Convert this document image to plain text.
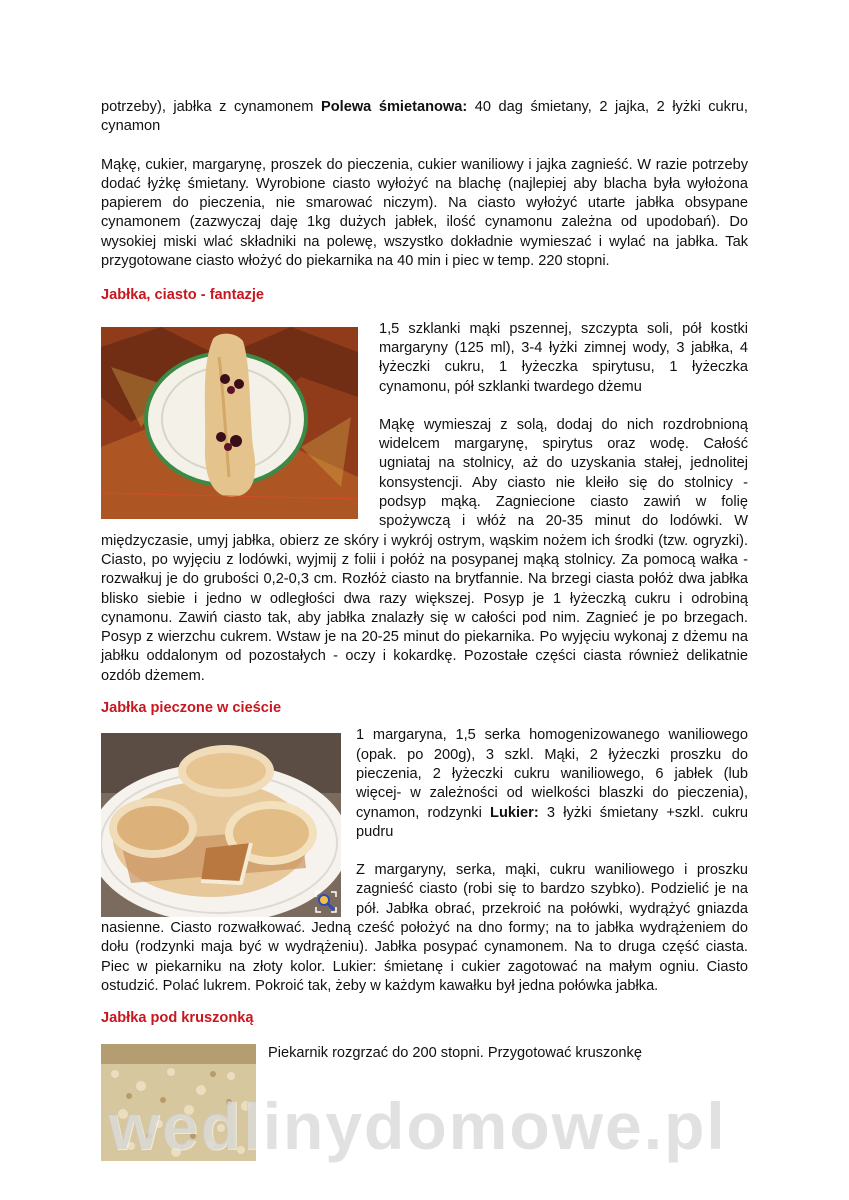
potrzeby), jabłka z cynamonem Polewa śmietanowa: 40 dag śmietany, 2 jajka, 2 łyżki cukru, cynamon

Mąkę, cukier, margarynę, proszek do pieczenia, cukier waniliowy i jajka zagnieść. W razie potrzeby dodać łyżkę śmietany. Wyrobione ciasto wyłożyć na blachę (najlepiej aby blacha była wyłożona papierem do pieczenia, nie smarować niczym). Na ciasto wyłożyć utarte jabłka obsypane cynamonem (zazwyczaj daję 1kg dużych jabłek, ilość cynamonu zależna od upodobań). Do wysokiej miski wlać składniki na polewę, wszystko dokładnie wymieszać i wylać na jabłka. Tak przygotowane ciasto włożyć do piekarnika na 40 min i piec w temp. 220 stopni.

Jabłka, ciasto - fantazje

1,5 szklanki mąki pszennej, szczypta soli, pół kostki margaryny (125 ml), 3-4 łyżki zimnej wody, 3 jabłka, 4 łyżeczki cukru, 1 łyżeczka spirytusu, 1 łyżeczka cynamonu, pół szklanki twardego dżemu

Mąkę wymieszaj z solą, dodaj do nich rozdrobnioną widelcem margarynę, spirytus oraz wodę. Całość ugniataj na stolnicy, aż do uzyskania stałej, jednolitej konsystencji. Aby ciasto nie kleiło się do stolnicy - podsyp mąką. Zagniecione ciasto zawiń w folię spożywczą i włóż na 20-35 minut do lodówki. W międzyczasie, umyj jabłka, obierz ze skóry i wykrój ostrym, wąskim nożem ich środki (tzw. ogryzki). Ciasto, po wyjęciu z lodówki, wyjmij z folii i połóż na posypanej mąką stolnicy. Za pomocą wałka - rozwałkuj je do grubości 0,2-0,3 cm. Rozłóż ciasto na brytfannie. Na brzegi ciasta połóż dwa jabłka blisko siebie i jedno w odległości dwa razy większej. Posyp je 1 łyżeczką cukru i odrobiną cynamonu. Zawiń ciasto tak, aby jabłka znalazły się w całości pod nim. Zagnieć je po brzegach. Posyp z wierzchu cukrem. Wstaw je na 20-25 minut do piekarnika. Po wyjęciu wykonaj z dżemu na jabłku oddalonym od pozostałych - oczy i kokardkę. Pozostałe części ciasta również delikatnie ozdób dżemem.

Jabłka pieczone w cieście

1 margaryna, 1,5 serka homogenizowanego waniliowego (opak. po 200g), 3 szkl. Mąki, 2 łyżeczki proszku do pieczenia, 2 łyżeczki cukru waniliowego, 6 jabłek (lub więcej- w zależności od wielkości blaszki do pieczenia), cynamon, rodzynki Lukier: 3 łyżki śmietany +szkl. cukru pudru

Z margaryny, serka, mąki, cukru waniliowego i proszku zagnieść ciasto (robi się to bardzo szybko). Podzielić je na pół. Jabłka obrać, przekroić na połówki, wydrążyć gniazda nasienne. Ciasto rozwałkować. Jedną cześć położyć na dno formy; na to jabłka wydrążeniem do dołu (rodzynki maja być w wydrążeniu). Jabłka posypać cynamonem. Na to druga część ciasta. Piec w piekarniku na złoty kolor. Lukier: śmietanę i cukier zagotować na małym ogniu. Ciasto ostudzić. Polać lukrem. Pokroić tak, żeby w każdym kawałku był jedna połówka jabłka.

Jabłka pod kruszonką

Piekarnik rozgrzać do 200 stopni. Przygotować kruszonkę

wedlinydomowe.pl
